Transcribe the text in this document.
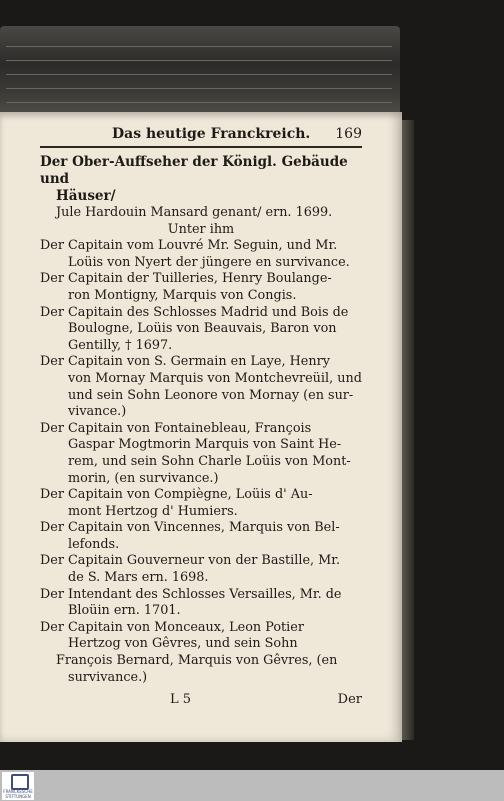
Das heutige Franckreich. 169
Der Ober-Auffseher der Königl. Gebäude und
Häuser/
Jule Hardouin Mansard genant/ ern. 1699.
Unter ihm
Der Capitain vom Louvré Mr. Seguin, und Mr.
Loüis von Nyert der jüngere en survivance.
Der Capitain der Tuilleries, Henry Boulange-
ron Montigny, Marquis von Congis.
Der Capitain des Schlosses Madrid und Bois de
Boulogne, Loüis von Beauvais, Baron von
Gentilly, † 1697.
Der Capitain von S. Germain en Laye, Henry
von Mornay Marquis von Montchevreüil, und
und sein Sohn Leonore von Mornay (en sur-
vivance.)
Der Capitain von Fontainebleau, François
Gaspar Mogtmorin Marquis von Saint He-
rem, und sein Sohn Charle Loüis von Mont-
morin, (en survivance.)
Der Capitain von Compiègne, Loüis d' Au-
mont Hertzog d' Humiers.
Der Capitain von Vincennes, Marquis von Bel-
lefonds.
Der Capitain Gouverneur von der Bastille, Mr.
de S. Mars ern. 1698.
Der Intendant des Schlosses Versailles, Mr. de
Bloüin ern. 1701.
Der Capitain von Monceaux, Leon Potier
Hertzog von Gêvres, und sein Sohn
François Bernard, Marquis von Gêvres, (en
survivance.)
L 5	Der
FRANCKESCHE STIFTUNGEN
